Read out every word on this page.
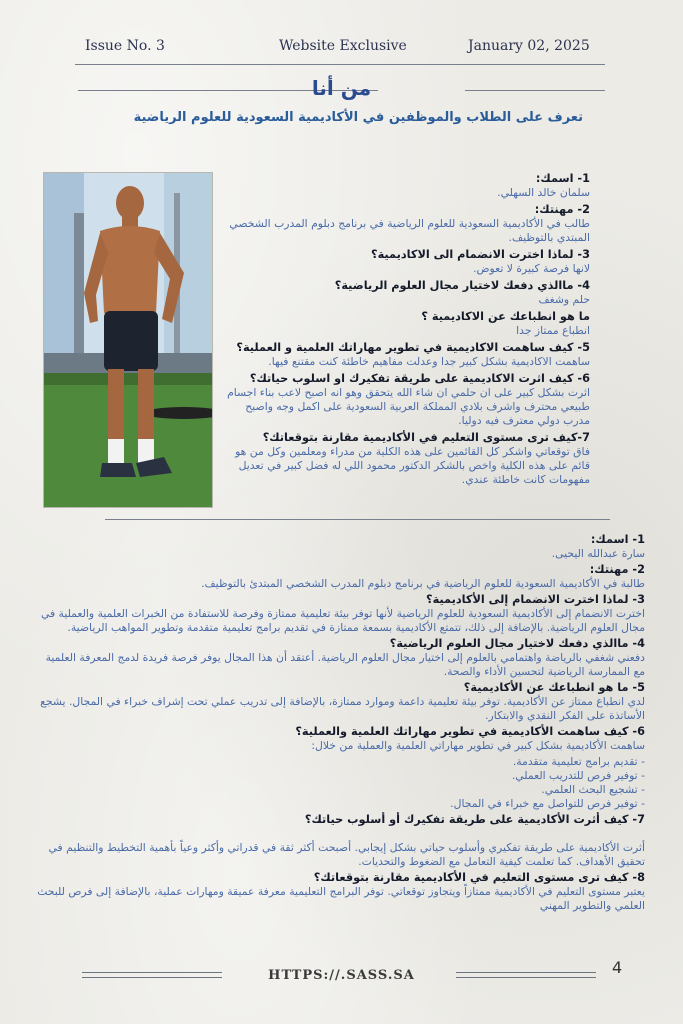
Issue No. 3	Website Exclusive	January 02, 2025
من أنا
تعرف على الطلاب والموظفين في الأكاديمية السعودية للعلوم الرياضية
1- اسمك:
سلمان خالد السهلي.
2- مهنتك:
طالب في الأكاديمية السعودية للعلوم الرياضية في برنامج دبلوم المدرب الشخصي المبتدي بالتوظيف.
3- لماذا اخترت الانضمام الى الاكاديمية؟
لانها فرصة كبيرة لا تعوض.
4- ماالذي دفعك لاختيار مجال العلوم الرياضية؟
حلم وشغف
ما هو انطباعك عن الاكاديمية ؟
انطباع ممتاز جدا
5- كيف ساهمت الاكاديمية في تطوير مهاراتك العلمية و العملية؟
ساهمت الاكاديمية بشكل كبير جدا وعدلت مفاهيم خاطئة كنت مقتنع فيها.
6- كيف اثرت الاكاديمية على طريقة تفكيرك او اسلوب حياتك؟
اثرت بشكل كبير على ان حلمي ان شاء الله يتحقق وهو انه اصبح لاعب بناء اجسام طبيعي محترف واشرف بلادي المملكة العربية السعودية على اكمل وجه واصبح مدرب دولي معترف فيه دوليا.
7-كيف ترى مستوى التعليم في الأكاديمية مقارنة بتوقعاتك؟
فاق توقعاتي واشكر كل القائمين على هذه الكلية من مدراء ومعلمين وكل من هو قائم على هذه الكلية واخص بالشكر الدكتور محمود اللي له فضل كبير في تعديل مفهومات كانت خاطئة عندي.
1- اسمك:
سارة عبدالله اليحيى.
2- مهنتك:
طالبة في الأكاديمية السعودية للعلوم الرياضية في برنامج دبلوم المدرب الشخصي المبتدئ بالتوظيف.
3- لماذا اخترت الانضمام إلى الأكاديمية؟
اخترت الانضمام إلى الأكاديمية السعودية للعلوم الرياضية لأنها توفر بيئة تعليمية ممتازة وفرصة للاستفادة من الخبرات العلمية والعملية في مجال العلوم الرياضية. بالإضافة إلى ذلك، تتمتع الأكاديمية بسمعة ممتازة في تقديم برامج تعليمية متقدمة وتطوير المواهب الرياضية.
4- ماالذي دفعك لاختيار مجال العلوم الرياضية؟
دفعني شغفي بالرياضة واهتمامي بالعلوم إلى اختيار مجال العلوم الرياضية. أعتقد أن هذا المجال يوفر فرصة فريدة لدمج المعرفة العلمية مع الممارسة الرياضية لتحسين الأداء والصحة.
5- ما هو انطباعك عن الأكاديمية؟
لدي انطباع ممتاز عن الأكاديمية. توفر بيئة تعليمية داعمة وموارد ممتازة، بالإضافة إلى تدريب عملي تحت إشراف خبراء في المجال. يشجع الأساتذة على الفكر النقدي والابتكار.
6- كيف ساهمت الأكاديمية في تطوير مهاراتك العلمية والعملية؟
ساهمت الأكاديمية بشكل كبير في تطوير مهاراتي العلمية والعملية من خلال:
- تقديم برامج تعليمية متقدمة.
- توفير فرص للتدريب العملي.
- تشجيع البحث العلمي.
- توفير فرص للتواصل مع خبراء في المجال.
7- كيف أثرت الأكاديمية على طريقة تفكيرك أو أسلوب حياتك؟
أثرت الأكاديمية على طريقة تفكيري وأسلوب حياتي بشكل إيجابي. أصبحت أكثر ثقة في قدراتي وأكثر وعياً بأهمية التخطيط والتنظيم في تحقيق الأهداف. كما تعلمت كيفية التعامل مع الضغوط والتحديات.
8- كيف ترى مستوى التعليم في الأكاديمية مقارنة بتوقعاتك؟
يعتبر مستوى التعليم في الأكاديمية ممتازاً ويتجاوز توقعاتي. توفر البرامج التعليمية معرفة عميقة ومهارات عملية، بالإضافة إلى فرص للبحث العلمي والتطوير المهني
HTTPS://.SASS.SA	4
